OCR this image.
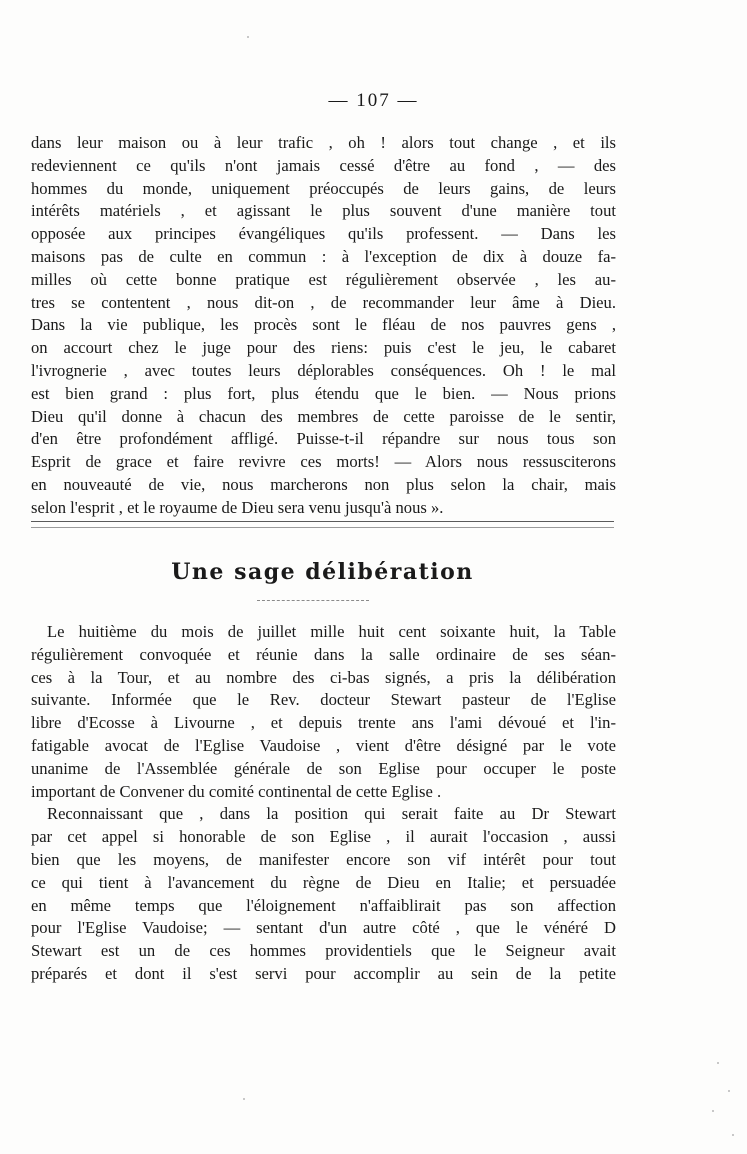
— 107 —
dans leur maison ou à leur trafic , oh ! alors tout change , et ils
redeviennent ce qu'ils n'ont jamais cessé d'être au fond , — des
hommes du monde, uniquement préoccupés de leurs gains, de leurs
intérêts matériels , et agissant le plus souvent d'une manière tout
opposée aux principes évangéliques qu'ils professent. — Dans les
maisons pas de culte en commun : à l'exception de dix à douze fa-
milles où cette bonne pratique est régulièrement observée , les au-
tres se contentent , nous dit-on , de recommander leur âme à Dieu.
Dans la vie publique, les procès sont le fléau de nos pauvres gens ,
on accourt chez le juge pour des riens: puis c'est le jeu, le cabaret
l'ivrognerie , avec toutes leurs déplorables conséquences. Oh ! le mal
est bien grand : plus fort, plus étendu que le bien. — Nous prions
Dieu qu'il donne à chacun des membres de cette paroisse de le sentir,
d'en être profondément affligé. Puisse-t-il répandre sur nous tous son
Esprit de grace et faire revivre ces morts! — Alors nous ressusciterons
en nouveauté de vie, nous marcherons non plus selon la chair, mais
selon l'esprit , et le royaume de Dieu sera venu jusqu'à nous ».
Une sage délibération
Le huitième du mois de juillet mille huit cent soixante huit, la Table
régulièrement convoquée et réunie dans la salle ordinaire de ses séan-
ces à la Tour, et au nombre des ci-bas signés, a pris la délibération
suivante. Informée que le Rev. docteur Stewart pasteur de l'Eglise
libre d'Ecosse à Livourne , et depuis trente ans l'ami dévoué et l'in-
fatigable avocat de l'Eglise Vaudoise , vient d'être désigné par le vote
unanime de l'Assemblée générale de son Eglise pour occuper le poste
important de Convener du comité continental de cette Eglise .
Reconnaissant que , dans la position qui serait faite au Dr Stewart
par cet appel si honorable de son Eglise , il aurait l'occasion , aussi
bien que les moyens, de manifester encore son vif intérêt pour tout
ce qui tient à l'avancement du règne de Dieu en Italie; et persuadée
en même temps que l'éloignement n'affaiblirait pas son affection
pour l'Eglise Vaudoise; — sentant d'un autre côté , que le vénéré D
Stewart est un de ces hommes providentiels que le Seigneur avait
préparés et dont il s'est servi pour accomplir au sein de la petite
